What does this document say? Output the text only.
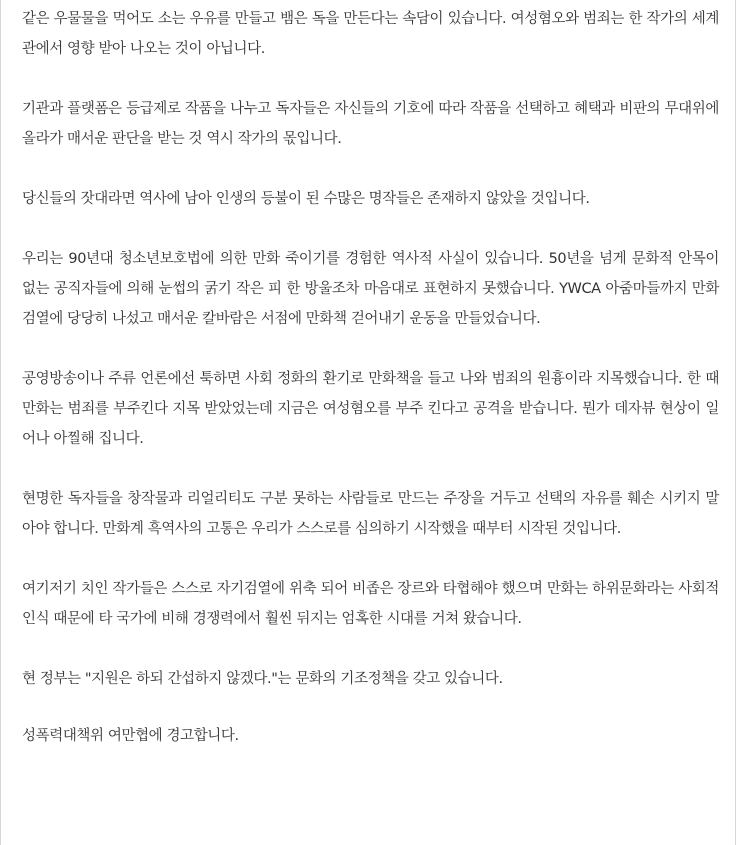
같은 우물물을 먹어도 소는 우유를 만들고 뱀은 독을 만든다는 속담이 있습니다. 여성혐오와 범죄는 한 작가의 세계관에서 영향 받아 나오는 것이 아닙니다.

기관과 플랫폼은 등급제로 작품을 나누고 독자들은 자신들의 기호에 따라 작품을 선택하고 혜택과 비판의 무대위에 올라가 매서운 판단을 받는 것 역시 작가의 몫입니다.

당신들의 잣대라면 역사에 남아 인생의 등불이 된 수많은 명작들은 존재하지 않았을 것입니다.

우리는 90년대 청소년보호법에 의한 만화 죽이기를 경험한 역사적 사실이 있습니다. 50년을 넘게 문화적 안목이 없는 공직자들에 의해 눈썹의 굵기 작은 피 한 방울조차 마음대로 표현하지 못했습니다. YWCA 아줌마들까지 만화 검열에 당당히 나섰고 매서운 칼바람은 서점에 만화책 걷어내기 운동을 만들었습니다.

공영방송이나 주류 언론에선 툭하면 사회 정화의 환기로 만화책을 들고 나와 범죄의 원흉이라 지목했습니다. 한 때 만화는 범죄를 부주킨다 지목 받았었는데 지금은 여성혐오를 부주 킨다고 공격을 받습니다. 뭔가 데자뷰 현상이 일어나 아찔해 집니다.

현명한 독자들을 창작물과 리얼리티도 구분 못하는 사람들로 만드는 주장을 거두고 선택의 자유를 훼손 시키지 말아야 합니다. 만화계 흑역사의 고통은 우리가 스스로를 심의하기 시작했을 때부터 시작된 것입니다.

여기저기 치인 작가들은 스스로 자기검열에 위축 되어 비좁은 장르와 타협해야 했으며 만화는 하위문화라는 사회적 인식 때문에 타 국가에 비해 경쟁력에서 훨씬 뒤지는 엄혹한 시대를 거쳐 왔습니다.

현 정부는 "지원은 하되 간섭하지 않겠다."는 문화의 기조정책을 갖고 있습니다.

성폭력대책위 여만협에 경고합니다.
